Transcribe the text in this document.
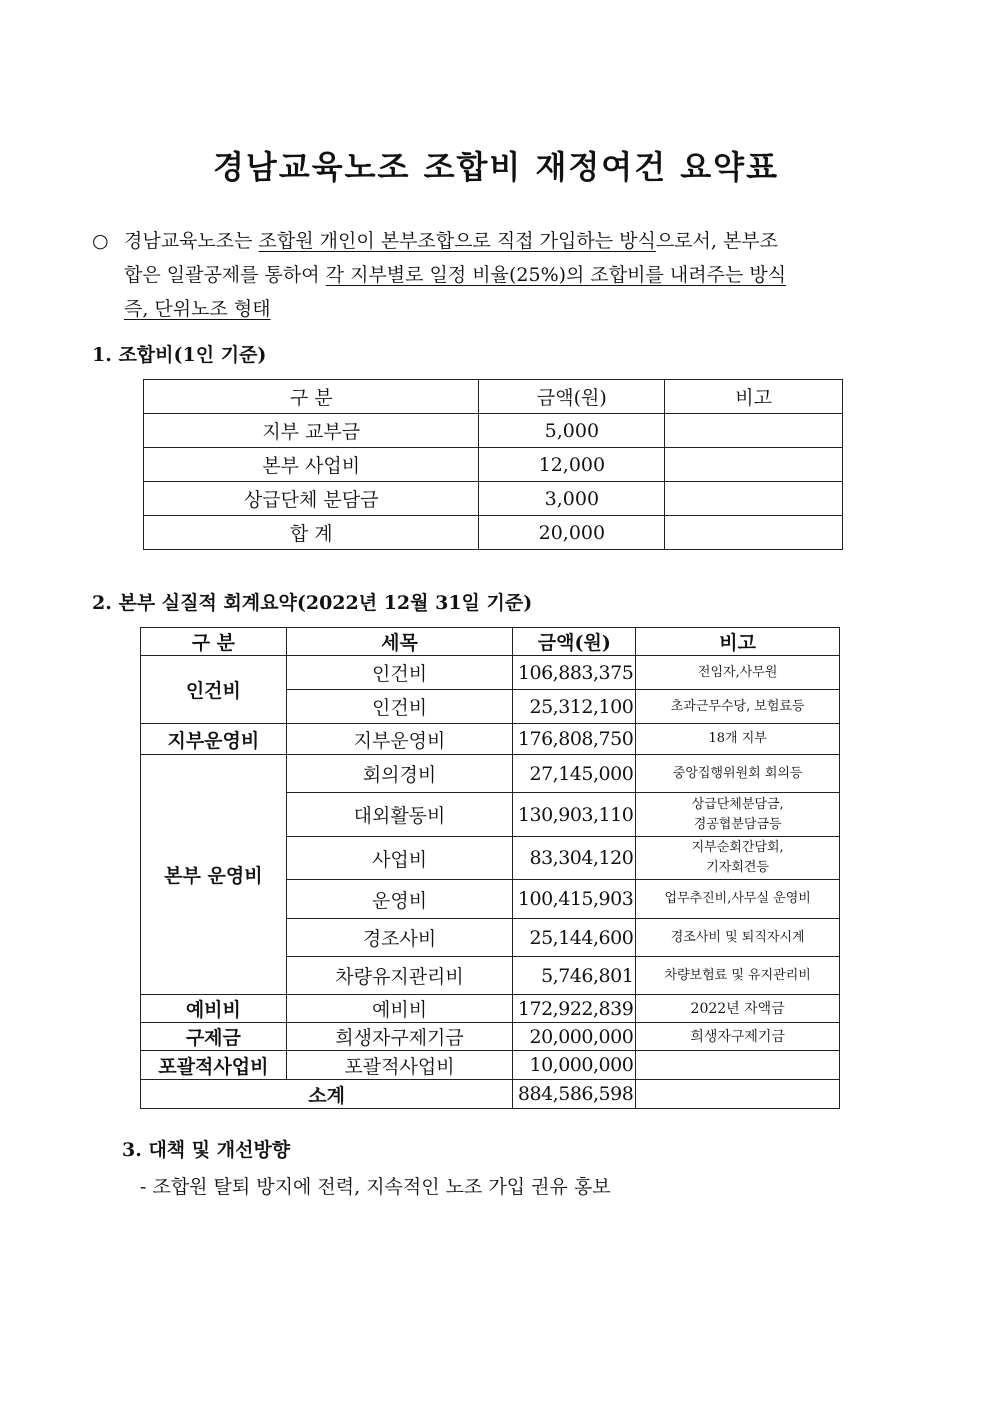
경남교육노조 조합비 재정여건 요약표
○ 경남교육노조는 조합원 개인이 본부조합으로 직접 가입하는 방식으로서, 본부조
합은 일괄공제를 통하여 각 지부별로 일정 비율(25%)의 조합비를 내려주는 방식
즉, 단위노조 형태
1. 조합비(1인 기준)
구 분	금액(원)	비고
지부 교부금	5,000	
본부 사업비	12,000	
상급단체 분담금	3,000	
합 계	20,000	
2. 본부 실질적 회계요약(2022년 12월 31일 기준)
구 분	세목	금액(원)	비고
인건비	인건비	106,883,375	전임자,사무원
	인건비	25,312,100	초과근무수당, 보험료등
지부운영비	지부운영비	176,808,750	18개 지부
본부 운영비	회의경비	27,145,000	중앙집행위원회 회의등
	대외활동비	130,903,110	상급단체분담금,
경공협분담금등

	사업비	83,304,120	지부순회간담회,
기자회견등

	운영비	100,415,903	업무추진비,사무실 운영비
	경조사비	25,144,600	경조사비 및 퇴직자시계
	차량유지관리비	5,746,801	차량보험료 및 유지관리비
예비비	예비비	172,922,839	2022년 자액금
구제금	희생자구제기금	20,000,000	희생자구제기금
포괄적사업비	포괄적사업비	10,000,000	
소계		884,586,598	
3. 대책 및 개선방향
- 조합원 탈퇴 방지에 전력, 지속적인 노조 가입 권유 홍보
